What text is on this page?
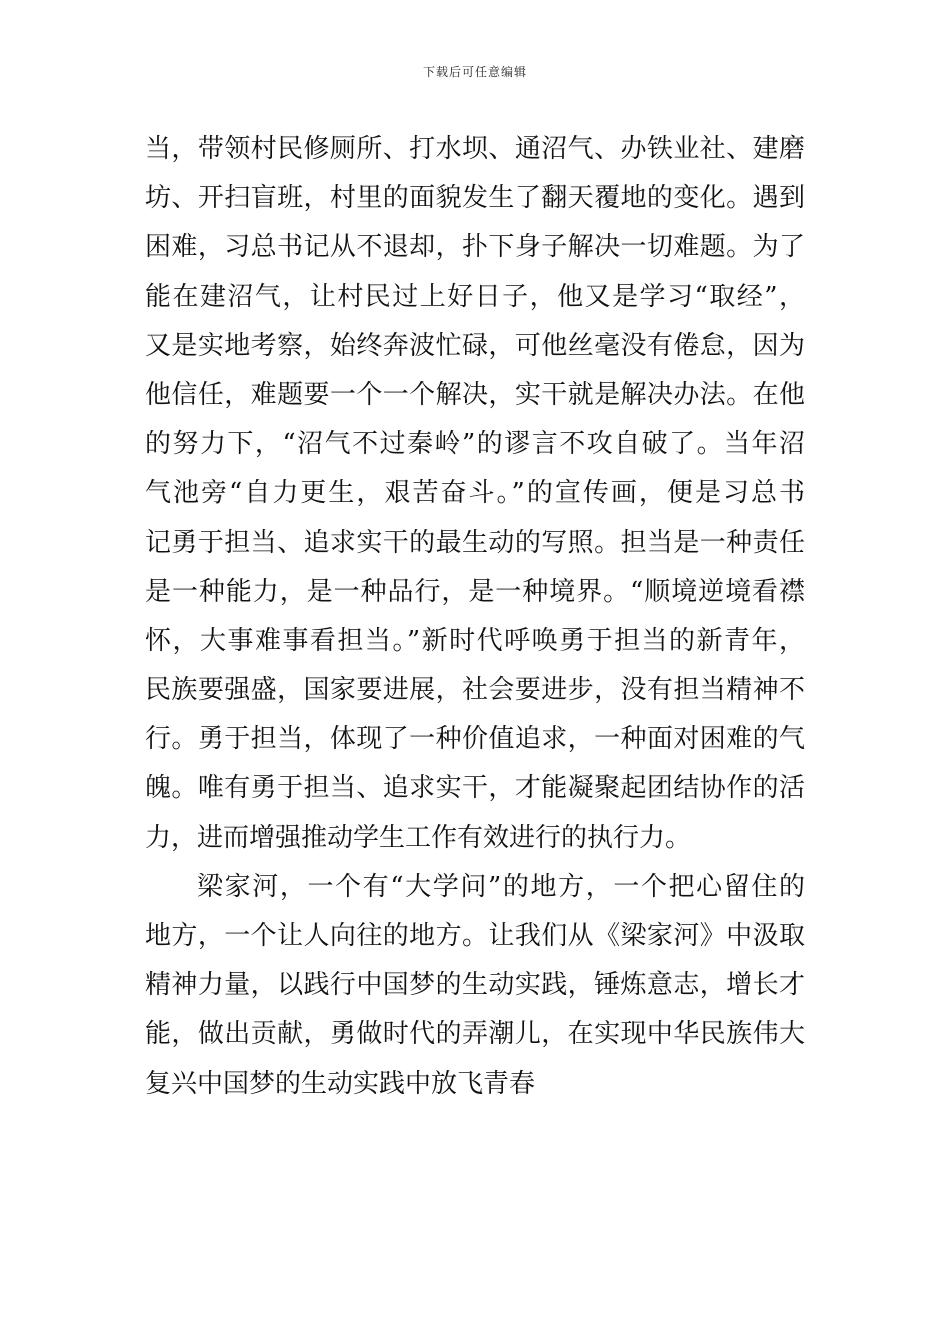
下载后可任意编辑
当，带领村民修厕所、打水坝、通沼气、办铁业社、建磨
坊、开扫盲班，村里的面貌发生了翻天覆地的变化。遇到
困难，习总书记从不退却，扑下身子解决一切难题。为了
能在建沼气，让村民过上好日子，他又是学习“取经”，
又是实地考察，始终奔波忙碌，可他丝毫没有倦怠，因为
他信任，难题要一个一个解决，实干就是解决办法。在他
的努力下，“沼气不过秦岭”的谬言不攻自破了。当年沼
气池旁“自力更生，艰苦奋斗。”的宣传画，便是习总书
记勇于担当、追求实干的最生动的写照。担当是一种责任
是一种能力，是一种品行，是一种境界。“顺境逆境看襟
怀，大事难事看担当。”新时代呼唤勇于担当的新青年，
民族要强盛，国家要进展，社会要进步，没有担当精神不
行。勇于担当，体现了一种价值追求，一种面对困难的气
魄。唯有勇于担当、追求实干，才能凝聚起团结协作的活
力，进而增强推动学生工作有效进行的执行力。
梁家河，一个有“大学问”的地方，一个把心留住的
地方，一个让人向往的地方。让我们从《梁家河》中汲取
精神力量，以践行中国梦的生动实践，锤炼意志，增长才
能，做出贡献，勇做时代的弄潮儿，在实现中华民族伟大
复兴中国梦的生动实践中放飞青春
